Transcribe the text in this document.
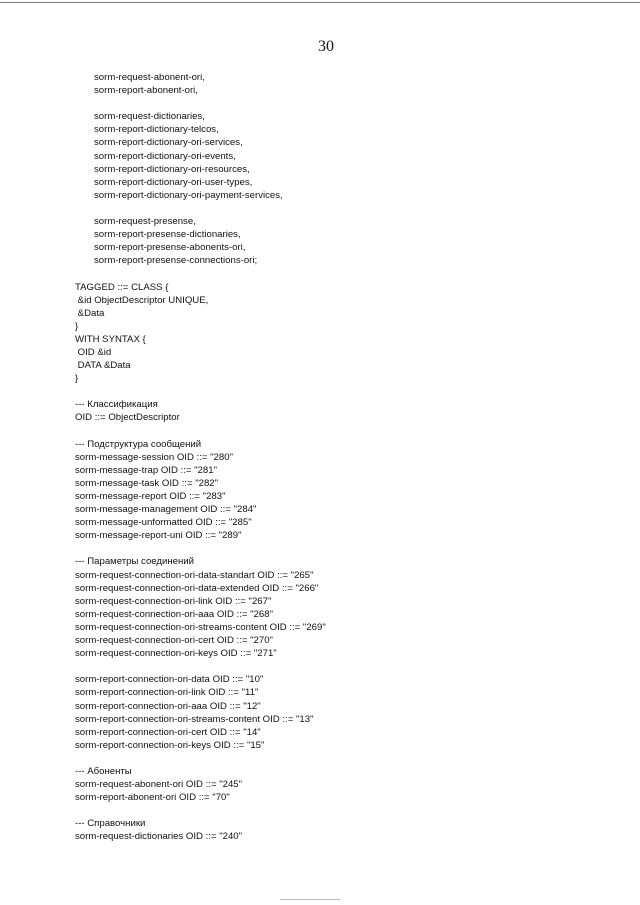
30
sorm-request-abonent-ori,
sorm-report-abonent-ori,
sorm-request-dictionaries,
sorm-report-dictionary-telcos,
sorm-report-dictionary-ori-services,
sorm-report-dictionary-ori-events,
sorm-report-dictionary-ori-resources,
sorm-report-dictionary-ori-user-types,
sorm-report-dictionary-ori-payment-services,
sorm-request-presense,
sorm-report-presense-dictionaries,
sorm-report-presense-abonents-ori,
sorm-report-presense-connections-ori;
TAGGED ::= CLASS {
&id ObjectDescriptor UNIQUE,
&Data
}
WITH SYNTAX {
OID &id
DATA &Data
}
--- Классификация
OID ::= ObjectDescriptor
--- Подструктура сообщений
sorm-message-session OID ::= "280"
sorm-message-trap OID ::= "281"
sorm-message-task OID ::= "282"
sorm-message-report OID ::= "283"
sorm-message-management OID ::= "284"
sorm-message-unformatted OID ::= "285"
sorm-message-report-uni OID ::= "289"
--- Параметры соединений
sorm-request-connection-ori-data-standart OID ::= "265"
sorm-request-connection-ori-data-extended OID ::= "266"
sorm-request-connection-ori-link OID ::= "267"
sorm-request-connection-ori-aaa OID ::= "268"
sorm-request-connection-ori-streams-content OID ::= "269"
sorm-request-connection-ori-cert OID ::= "270"
sorm-request-connection-ori-keys OID ::= "271"
sorm-report-connection-ori-data OID ::= "10"
sorm-report-connection-ori-link OID ::= "11"
sorm-report-connection-ori-aaa OID ::= "12"
sorm-report-connection-ori-streams-content OID ::= "13"
sorm-report-connection-ori-cert OID ::= "14"
sorm-report-connection-ori-keys OID ::= "15"
--- Абоненты
sorm-request-abonent-ori OID ::= "245"
sorm-report-abonent-ori OID ::= "70"
--- Справочники
sorm-request-dictionaries OID ::= "240"
